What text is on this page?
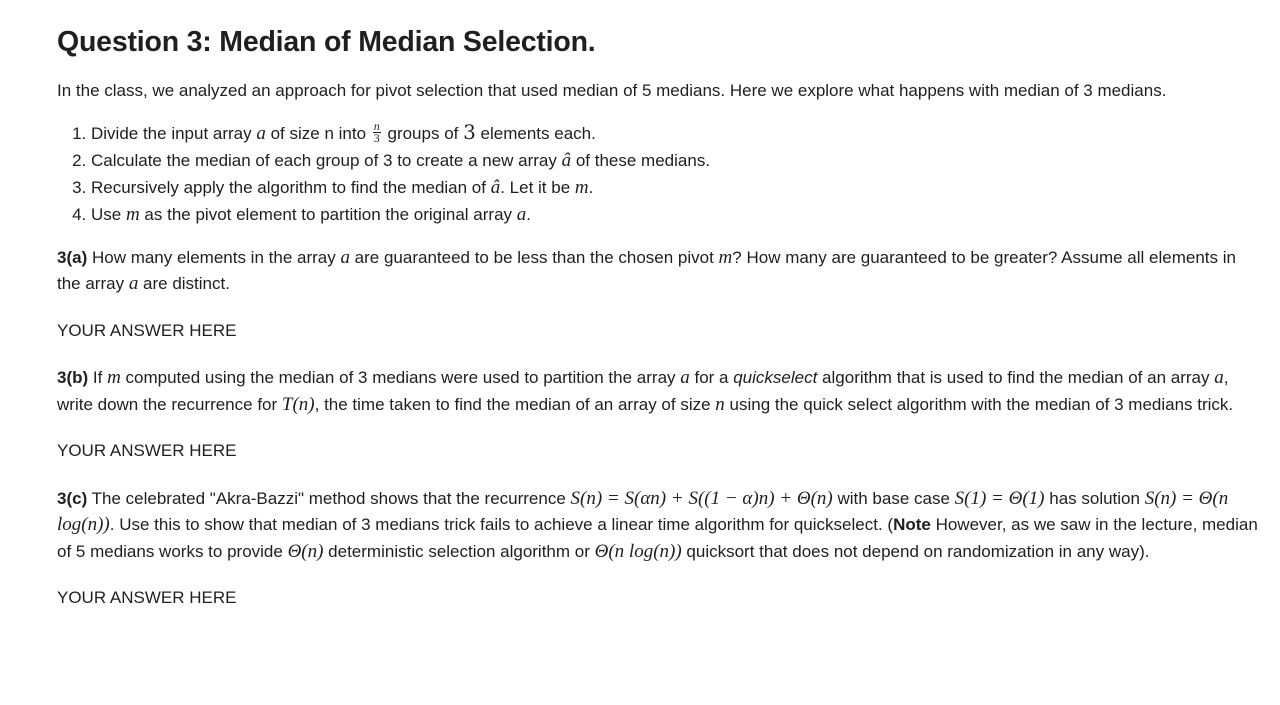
Question 3: Median of Median Selection.

In the class, we analyzed an approach for pivot selection that used median of 5 medians. Here we explore what happens with median of 3 medians.

1. Divide the input array a of size n into $\frac{n}{3}$ groups of 3 elements each.
2. Calculate the median of each group of 3 to create a new array â of these medians.
3. Recursively apply the algorithm to find the median of â. Let it be m.
4. Use m as the pivot element to partition the original array a.

3(a) How many elements in the array a are guaranteed to be less than the chosen pivot m? How many are guaranteed to be greater? Assume all elements in the array a are distinct.

YOUR ANSWER HERE

3(b) If m computed using the median of 3 medians were used to partition the array a for a quickselect algorithm that is used to find the median of an array a, write down the recurrence for T(n), the time taken to find the median of an array of size n using the quick select algorithm with the median of 3 medians trick.

YOUR ANSWER HERE

3(c) The celebrated "Akra-Bazzi" method shows that the recurrence S(n) = S(αn) + S((1 − α)n) + Θ(n) with base case S(1) = Θ(1) has solution S(n) = Θ(n log(n)). Use this to show that median of 3 medians trick fails to achieve a linear time algorithm for quickselect. (Note However, as we saw in the lecture, median of 5 medians works to provide Θ(n) deterministic selection algorithm or Θ(n log(n)) quicksort that does not depend on randomization in any way).

YOUR ANSWER HERE
